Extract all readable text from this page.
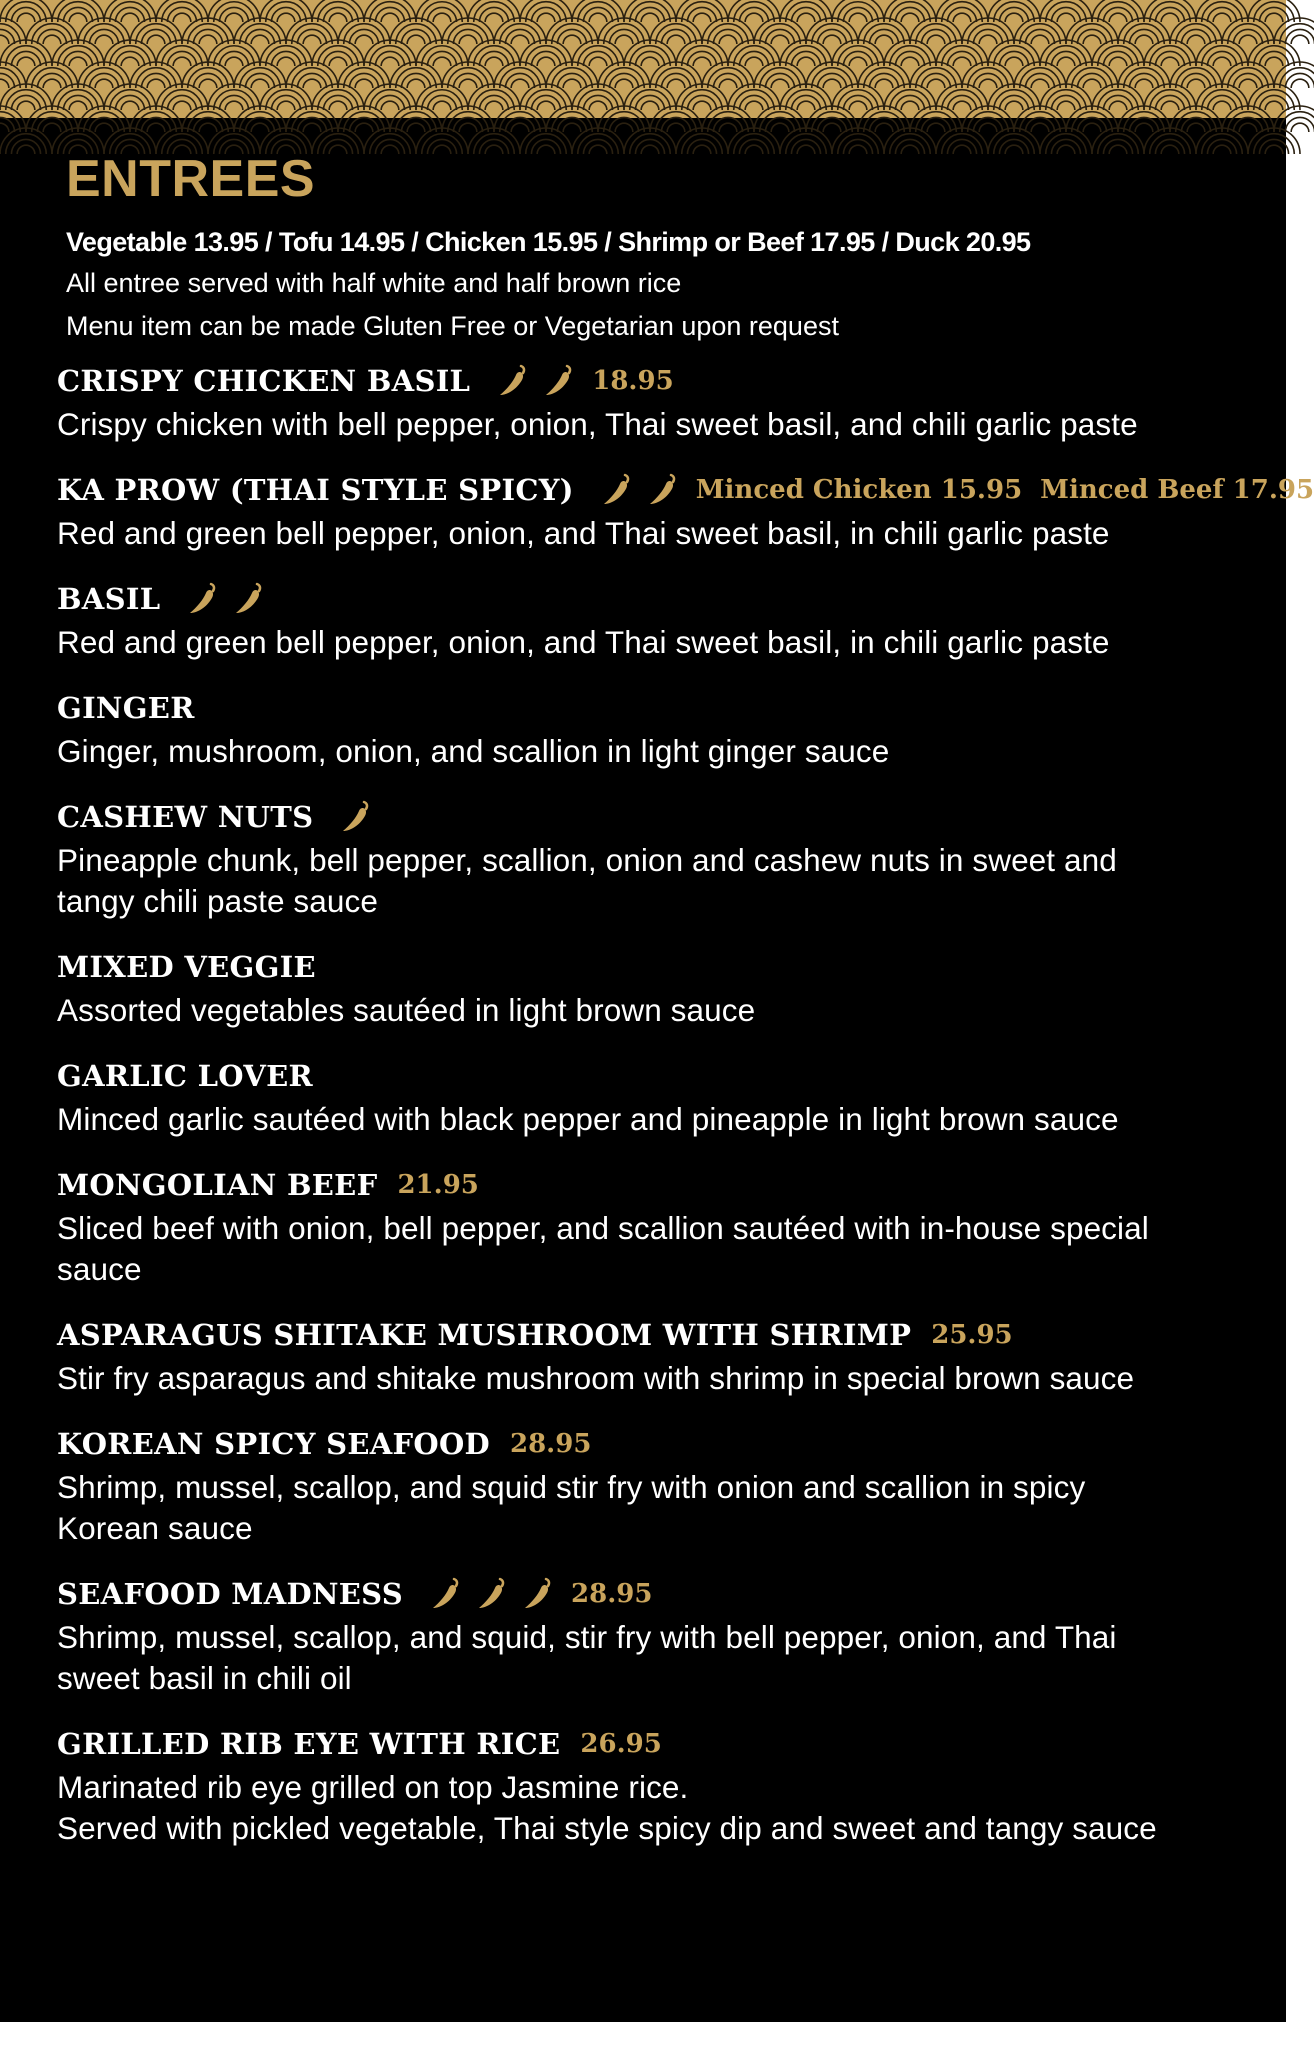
ENTREES
Vegetable 13.95 / Tofu 14.95 / Chicken 15.95 / Shrimp or Beef 17.95 / Duck 20.95
All entree served with half white and half brown rice
Menu item can be made Gluten Free or Vegetarian upon request
CRISPY CHICKEN BASIL	18.95
Crispy chicken with bell pepper, onion, Thai sweet basil, and chili garlic paste
KA PROW (THAI STYLE SPICY)	Minced Chicken 15.95 Minced Beef 17.95
Red and green bell pepper, onion, and Thai sweet basil, in chili garlic paste
BASIL
Red and green bell pepper, onion, and Thai sweet basil, in chili garlic paste
GINGER
Ginger, mushroom, onion, and scallion in light ginger sauce
CASHEW NUTS
Pineapple chunk, bell pepper, scallion, onion and cashew nuts in sweet and
tangy chili paste sauce
MIXED VEGGIE
Assorted vegetables sautéed in light brown sauce
GARLIC LOVER
Minced garlic sautéed with black pepper and pineapple in light brown sauce
MONGOLIAN BEEF 21.95
Sliced beef with onion, bell pepper, and scallion sautéed with in-house special
sauce
ASPARAGUS SHITAKE MUSHROOM WITH SHRIMP 25.95
Stir fry asparagus and shitake mushroom with shrimp in special brown sauce
KOREAN SPICY SEAFOOD 28.95
Shrimp, mussel, scallop, and squid stir fry with onion and scallion in spicy
Korean sauce
SEAFOOD MADNESS	28.95
Shrimp, mussel, scallop, and squid, stir fry with bell pepper, onion, and Thai
sweet basil in chili oil
GRILLED RIB EYE WITH RICE 26.95
Marinated rib eye grilled on top Jasmine rice.
Served with pickled vegetable, Thai style spicy dip and sweet and tangy sauce
